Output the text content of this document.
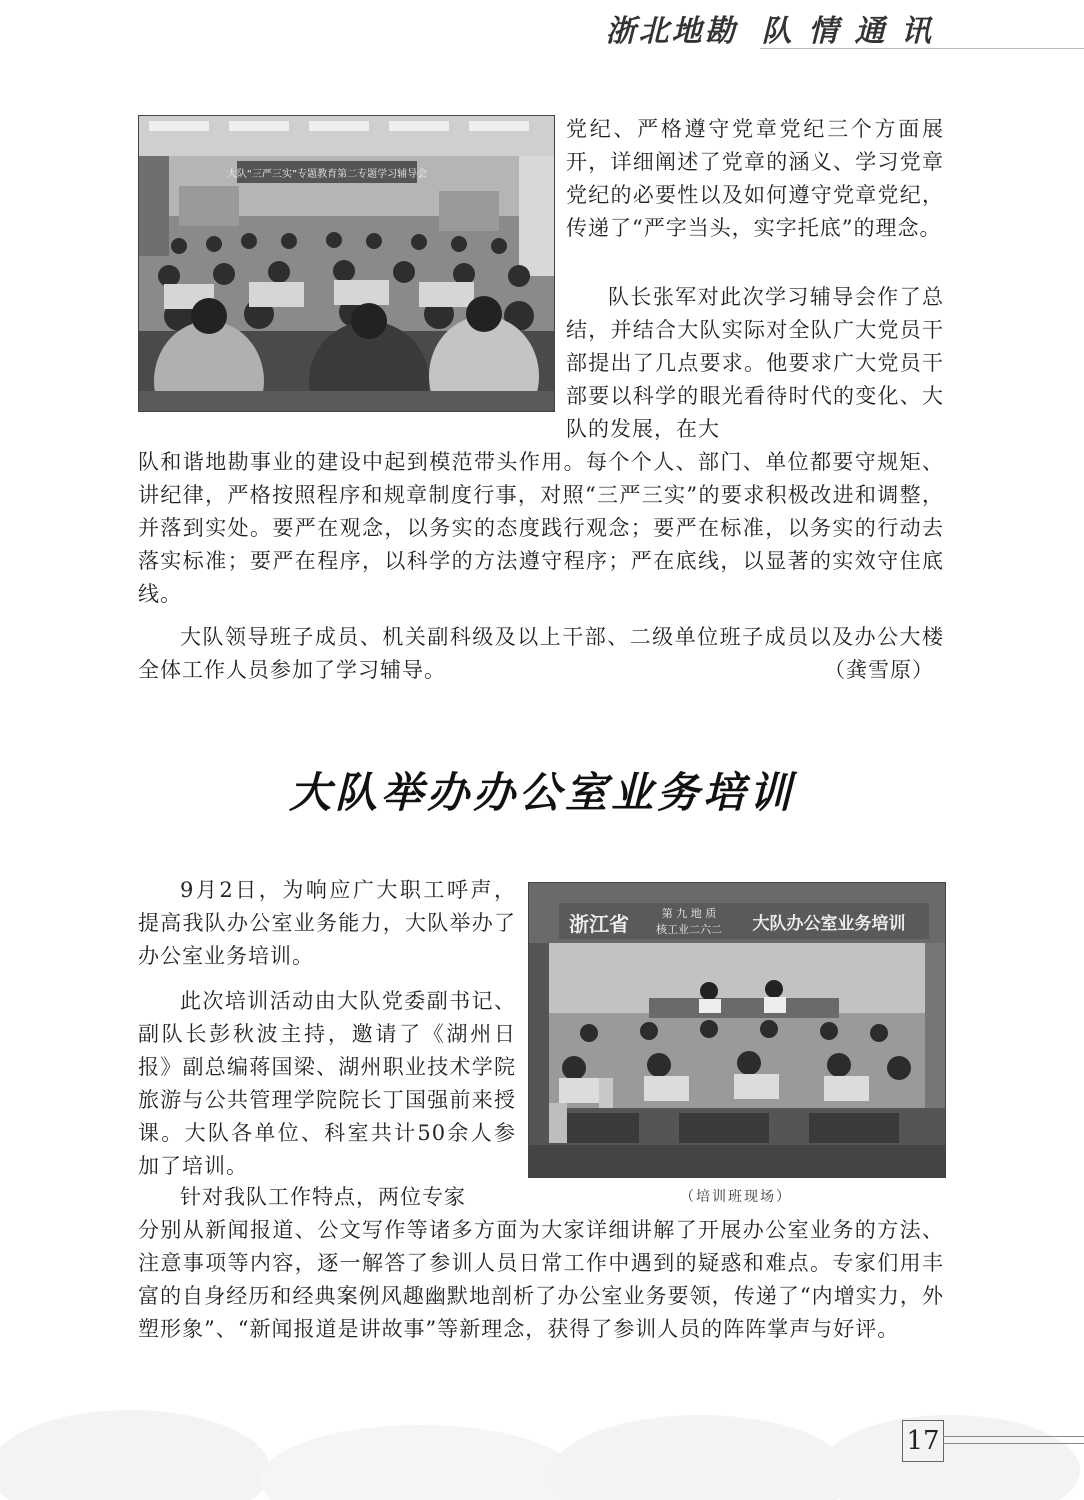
浙北地勘 队 情 通 讯
大队“三严三实”专题教育第二专题学习辅导会

党纪、严格遵守党章党纪三个方面展开，详细阐述了党章的涵义、学习党章党纪的必要性以及如何遵守党章党纪，传递了“严字当头，实字托底”的理念。

队长张军对此次学习辅导会作了总结，并结合大队实际对全队广大党员干部提出了几点要求。他要求广大党员干部要以科学的眼光看待时代的变化、大队的发展，在大

队和谐地勘事业的建设中起到模范带头作用。每个个人、部门、单位都要守规矩、讲纪律，严格按照程序和规章制度行事，对照“三严三实”的要求积极改进和调整，并落到实处。要严在观念，以务实的态度践行观念；要严在标准，以务实的行动去落实标准；要严在程序，以科学的方法遵守程序；严在底线，以显著的实效守住底线。

大队领导班子成员、机关副科级及以上干部、二级单位班子成员以及办公大楼全体工作人员参加了学习辅导。	（龚雪原）
大队举办办公室业务培训

9月2日，为响应广大职工呼声，提高我队办公室业务能力，大队举办了办公室业务培训。

此次培训活动由大队党委副书记、副队长彭秋波主持，邀请了《湖州日报》副总编蒋国梁、湖州职业技术学院旅游与公共管理学院院长丁国强前来授课。大队各单位、科室共计50余人参加了培训。

针对我队工作特点，两位专家

分别从新闻报道、公文写作等诸多方面为大家详细讲解了开展办公室业务的方法、注意事项等内容，逐一解答了参训人员日常工作中遇到的疑惑和难点。专家们用丰富的自身经历和经典案例风趣幽默地剖析了办公室业务要领，传递了“内增实力，外塑形象”、“新闻报道是讲故事”等新理念，获得了参训人员的阵阵掌声与好评。

浙江省	第 九 地 质
核工业二六二 大队办公室业务培训
（培训班现场）
17
